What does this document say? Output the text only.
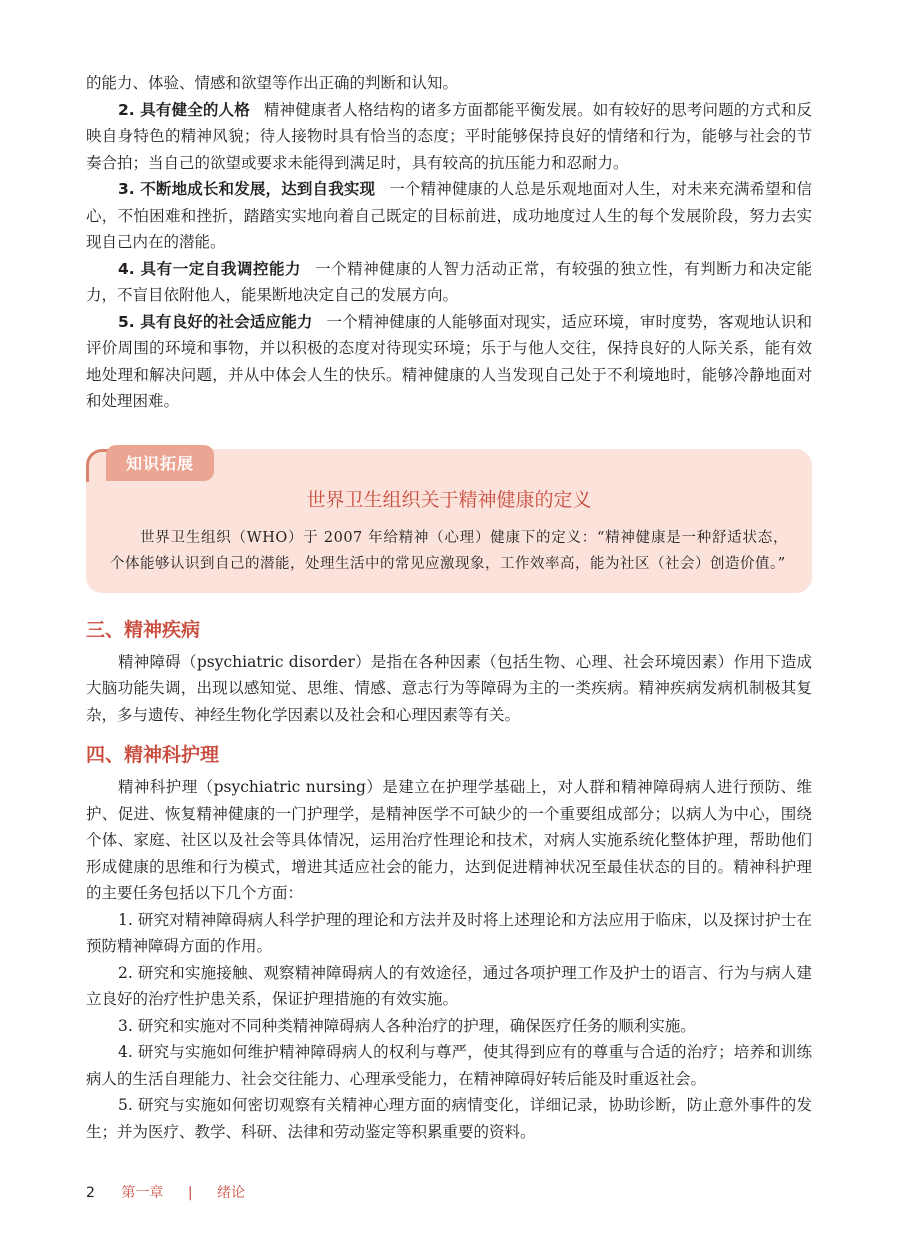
的能力、体验、情感和欲望等作出正确的判断和认知。

2. 具有健全的人格 精神健康者人格结构的诸多方面都能平衡发展。如有较好的思考问题的方式和反映自身特色的精神风貌；待人接物时具有恰当的态度；平时能够保持良好的情绪和行为，能够与社会的节奏合拍；当自己的欲望或要求未能得到满足时，具有较高的抗压能力和忍耐力。

3. 不断地成长和发展，达到自我实现 一个精神健康的人总是乐观地面对人生，对未来充满希望和信心，不怕困难和挫折，踏踏实实地向着自己既定的目标前进，成功地度过人生的每个发展阶段，努力去实现自己内在的潜能。

4. 具有一定自我调控能力 一个精神健康的人智力活动正常，有较强的独立性，有判断力和决定能力，不盲目依附他人，能果断地决定自己的发展方向。

5. 具有良好的社会适应能力 一个精神健康的人能够面对现实，适应环境，审时度势，客观地认识和评价周围的环境和事物，并以积极的态度对待现实环境；乐于与他人交往，保持良好的人际关系，能有效地处理和解决问题，并从中体会人生的快乐。精神健康的人当发现自己处于不利境地时，能够冷静地面对和处理困难。

知识拓展
世界卫生组织关于精神健康的定义

世界卫生组织（WHO）于 2007 年给精神（心理）健康下的定义：“精神健康是一种舒适状态，个体能够认识到自己的潜能，处理生活中的常见应激现象，工作效率高，能为社区（社会）创造价值。”

三、精神疾病

精神障碍（psychiatric disorder）是指在各种因素（包括生物、心理、社会环境因素）作用下造成大脑功能失调，出现以感知觉、思维、情感、意志行为等障碍为主的一类疾病。精神疾病发病机制极其复杂，多与遗传、神经生物化学因素以及社会和心理因素等有关。

四、精神科护理

精神科护理（psychiatric nursing）是建立在护理学基础上，对人群和精神障碍病人进行预防、维护、促进、恢复精神健康的一门护理学，是精神医学不可缺少的一个重要组成部分；以病人为中心，围绕个体、家庭、社区以及社会等具体情况，运用治疗性理论和技术，对病人实施系统化整体护理，帮助他们形成健康的思维和行为模式，增进其适应社会的能力，达到促进精神状况至最佳状态的目的。精神科护理的主要任务包括以下几个方面：

1. 研究对精神障碍病人科学护理的理论和方法并及时将上述理论和方法应用于临床，以及探讨护士在预防精神障碍方面的作用。

2. 研究和实施接触、观察精神障碍病人的有效途径，通过各项护理工作及护士的语言、行为与病人建立良好的治疗性护患关系，保证护理措施的有效实施。

3. 研究和实施对不同种类精神障碍病人各种治疗的护理，确保医疗任务的顺利实施。

4. 研究与实施如何维护精神障碍病人的权利与尊严，使其得到应有的尊重与合适的治疗；培养和训练病人的生活自理能力、社会交往能力、心理承受能力，在精神障碍好转后能及时重返社会。

5. 研究与实施如何密切观察有关精神心理方面的病情变化，详细记录，协助诊断，防止意外事件的发生；并为医疗、教学、科研、法律和劳动鉴定等积累重要的资料。

2 第一章 | 绪论
